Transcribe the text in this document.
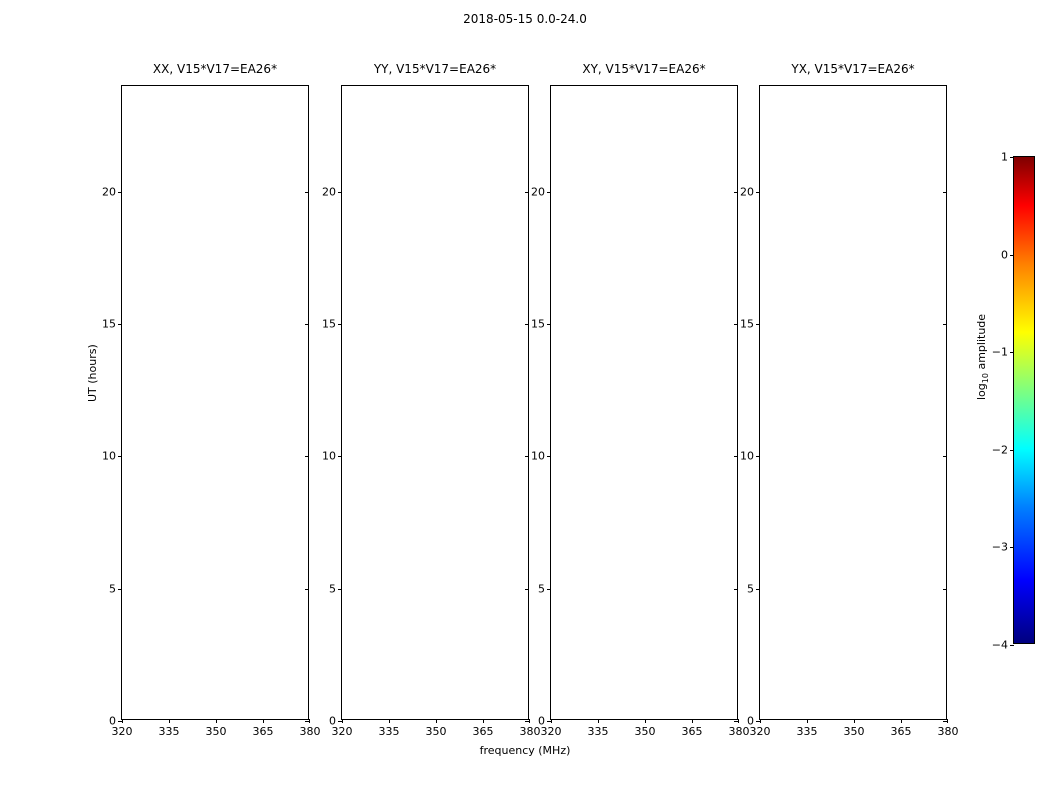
2018-05-15 0.0-24.0
XX, V15*V17=EA26*
0
5
10
15
20
320 335 350 365 380
YY, V15*V17=EA26*
0
5
10
15
20
320 335 350 365 380
XY, V15*V17=EA26*
0
5
10
15
20
320 335 350 365 380
YX, V15*V17=EA26*
0
5
10
15
20
320 335 350 365 380
UT (hours)
frequency (MHz)
−4
−3
−2
−1
0
1
$\log_{10}$ amplitude
